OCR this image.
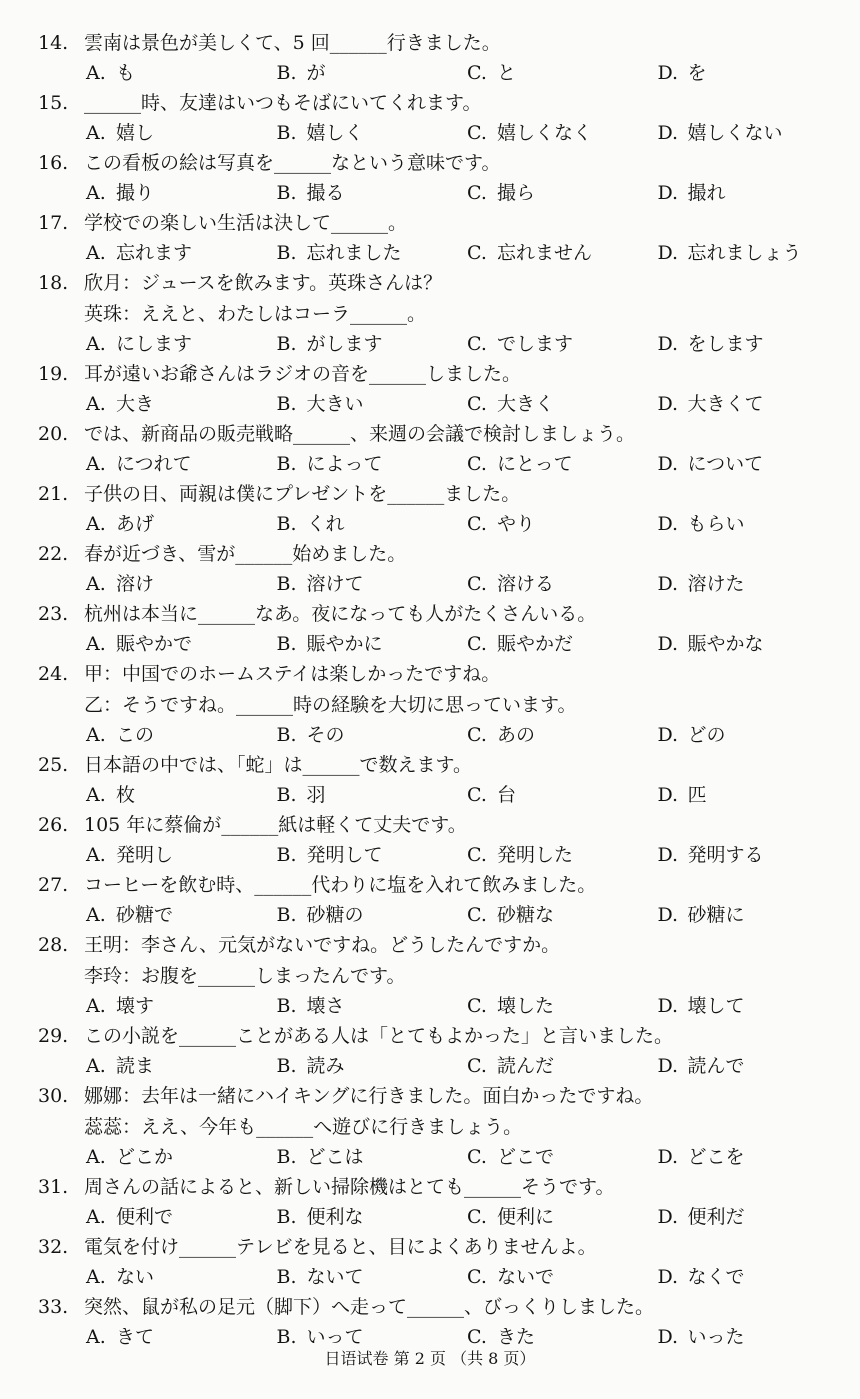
14. 雲南は景色が美しくて、5 回______行きました。
A. も	B. が	C. と	D. を
15. ______時、友達はいつもそばにいてくれます。
A. 嬉し	B. 嬉しく	C. 嬉しくなく	D. 嬉しくない
16. この看板の絵は写真を______なという意味です。
A. 撮り	B. 撮る	C. 撮ら	D. 撮れ
17. 学校での楽しい生活は決して______。
A. 忘れます	B. 忘れました	C. 忘れません	D. 忘れましょう
18. 欣月：ジュースを飲みます。英珠さんは？
英珠：ええと、わたしはコーラ______。
A. にします	B. がします	C. でします	D. をします
19. 耳が遠いお爺さんはラジオの音を______しました。
A. 大き	B. 大きい	C. 大きく	D. 大きくて
20. では、新商品の販売戦略______、来週の会議で検討しましょう。
A. につれて	B. によって	C. にとって	D. について
21. 子供の日、両親は僕にプレゼントを______ました。
A. あげ	B. くれ	C. やり	D. もらい
22. 春が近づき、雪が______始めました。
A. 溶け	B. 溶けて	C. 溶ける	D. 溶けた
23. 杭州は本当に______なあ。夜になっても人がたくさんいる。
A. 賑やかで	B. 賑やかに	C. 賑やかだ	D. 賑やかな
24. 甲：中国でのホームステイは楽しかったですね。
乙：そうですね。______時の経験を大切に思っています。
A. この	B. その	C. あの	D. どの
25. 日本語の中では、「蛇」は______で数えます。
A. 枚	B. 羽	C. 台	D. 匹
26. 105 年に蔡倫が______紙は軽くて丈夫です。
A. 発明し	B. 発明して	C. 発明した	D. 発明する
27. コーヒーを飲む時、______代わりに塩を入れて飲みました。
A. 砂糖で	B. 砂糖の	C. 砂糖な	D. 砂糖に
28. 王明：李さん、元気がないですね。どうしたんですか。
李玲：お腹を______しまったんです。
A. 壊す	B. 壊さ	C. 壊した	D. 壊して
29. この小説を______ことがある人は「とてもよかった」と言いました。
A. 読ま	B. 読み	C. 読んだ	D. 読んで
30. 娜娜：去年は一緒にハイキングに行きました。面白かったですね。
蕊蕊：ええ、今年も______へ遊びに行きましょう。
A. どこか	B. どこは	C. どこで	D. どこを
31. 周さんの話によると、新しい掃除機はとても______そうです。
A. 便利で	B. 便利な	C. 便利に	D. 便利だ
32. 電気を付け______テレビを見ると、目によくありませんよ。
A. ない	B. ないて	C. ないで	D. なくで
33. 突然、鼠が私の足元（脚下）へ走って______、びっくりしました。
A. きて	B. いって	C. きた	D. いった
日语试卷 第 2 页 （共 8 页）
